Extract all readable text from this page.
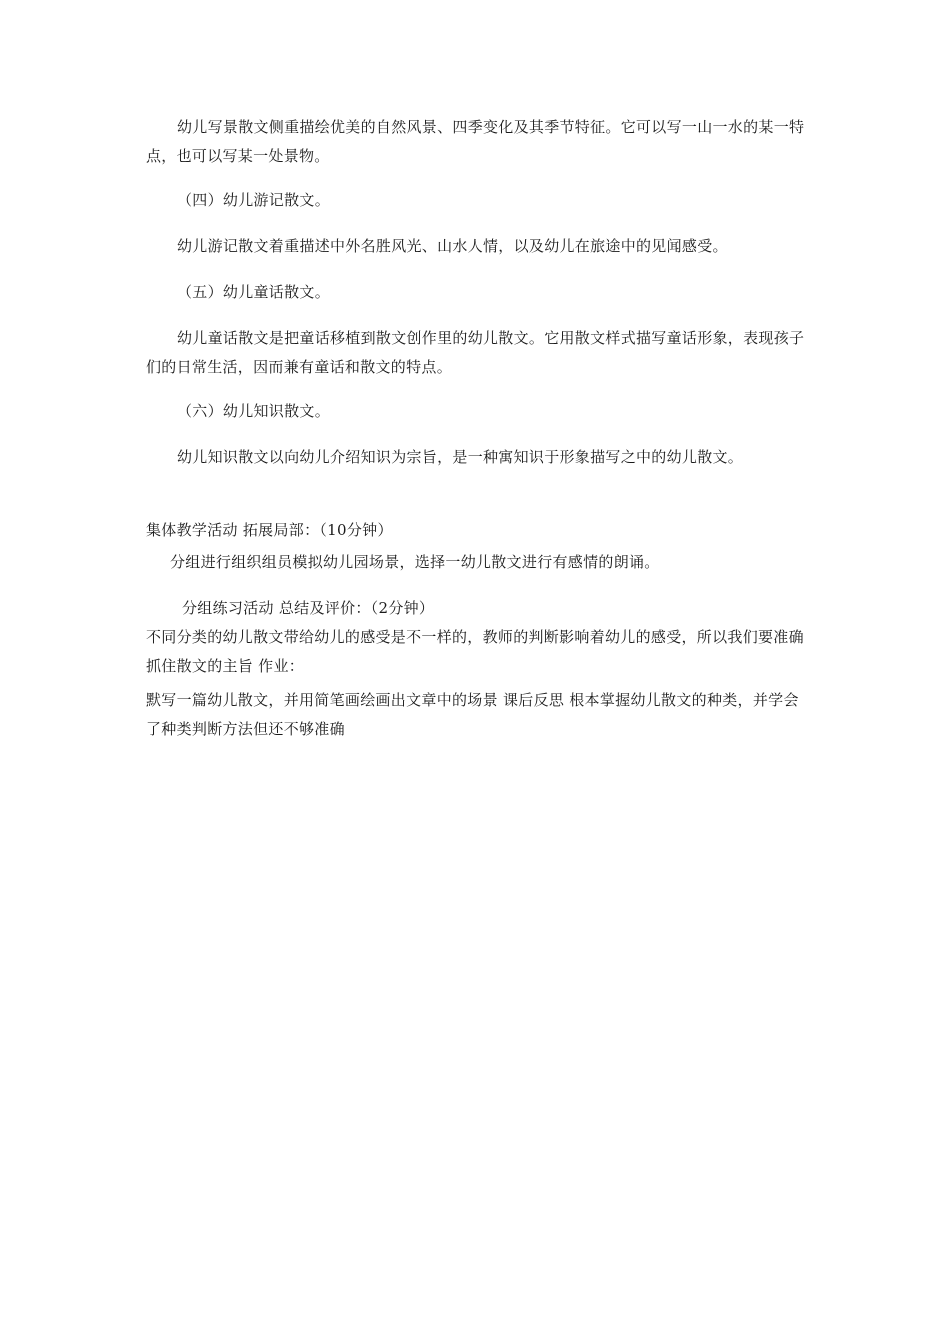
幼儿写景散文侧重描绘优美的自然风景、四季变化及其季节特征。它可以写一山一水的某一特点，也可以写某一处景物。

（四）幼儿游记散文。

幼儿游记散文着重描述中外名胜风光、山水人情，以及幼儿在旅途中的见闻感受。

（五）幼儿童话散文。

幼儿童话散文是把童话移植到散文创作里的幼儿散文。它用散文样式描写童话形象，表现孩子们的日常生活，因而兼有童话和散文的特点。

（六）幼儿知识散文。

幼儿知识散文以向幼儿介绍知识为宗旨，是一种寓知识于形象描写之中的幼儿散文。

集体教学活动 拓展局部：（10分钟）

分组进行组织组员模拟幼儿园场景，选择一幼儿散文进行有感情的朗诵。

分组练习活动 总结及评价：（2分钟）

不同分类的幼儿散文带给幼儿的感受是不一样的，教师的判断影响着幼儿的感受，所以我们要准确抓住散文的主旨 作业：

默写一篇幼儿散文，并用简笔画绘画出文章中的场景 课后反思 根本掌握幼儿散文的种类，并学会了种类判断方法但还不够准确
